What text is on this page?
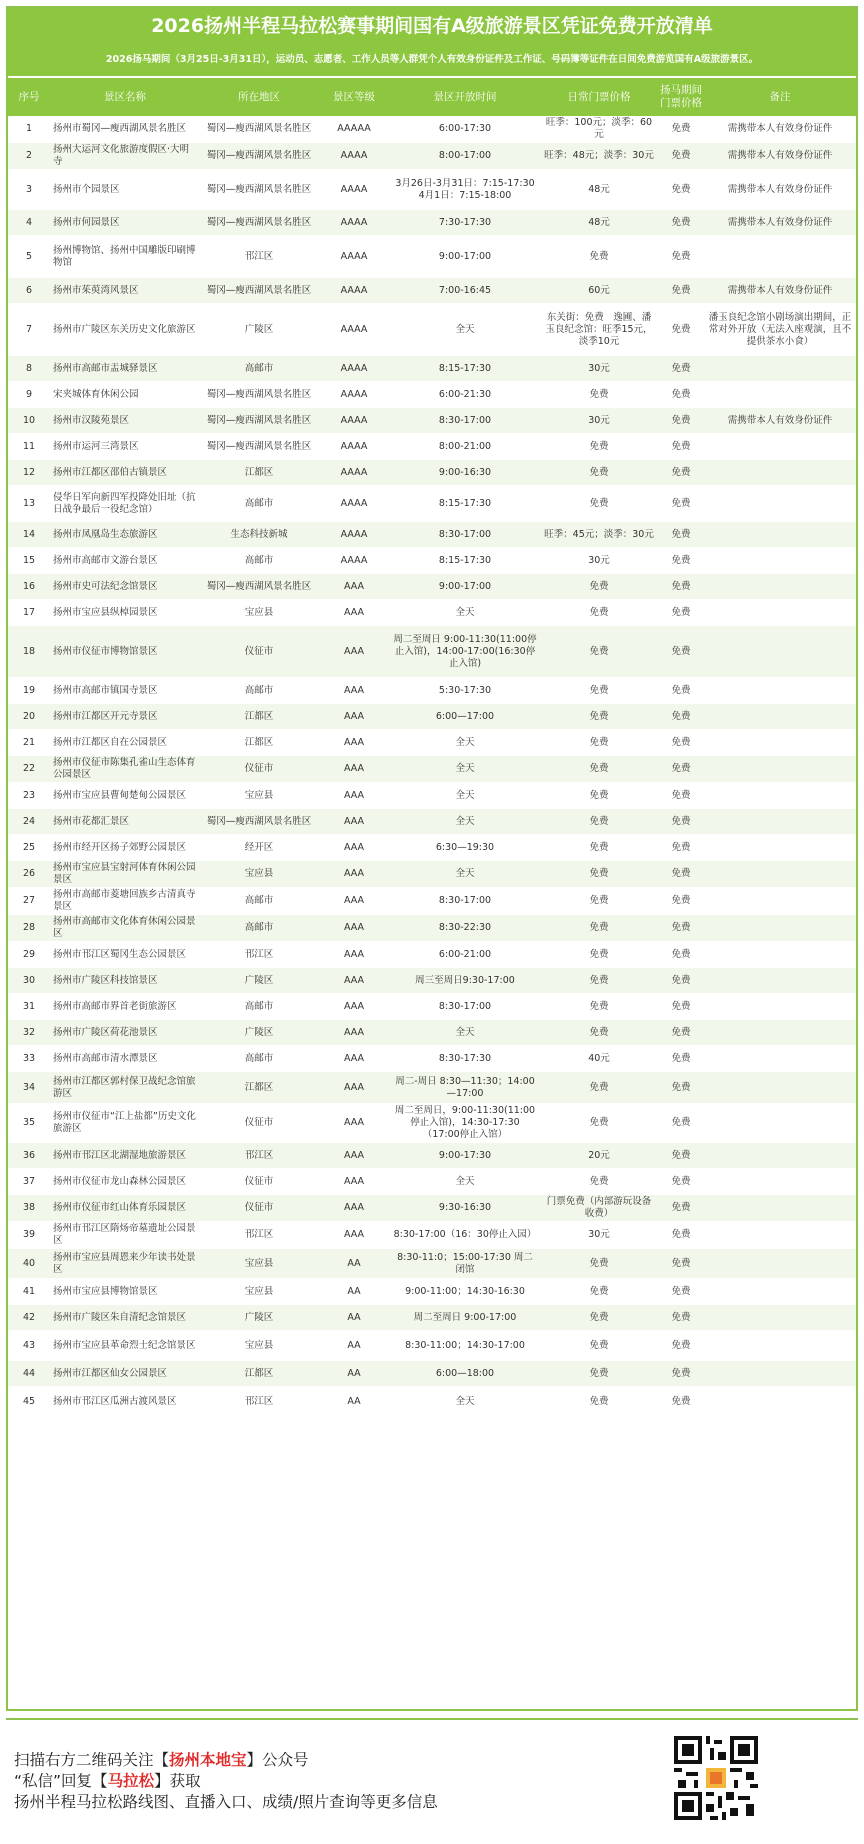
2026扬州半程马拉松赛事期间国有A级旅游景区凭证免费开放清单
2026扬马期间（3月25日-3月31日），运动员、志愿者、工作人员等人群凭个人有效身份证件及工作证、号码簿等证件在日间免费游览国有A级旅游景区。
序号	景区名称	所在地区	景区等级	景区开放时间	日常门票价格	扬马期间门票价格	备注
1	扬州市蜀冈—瘦西湖风景名胜区	蜀冈—瘦西湖风景名胜区	AAAAA	6:00-17:30	旺季：100元；淡季：60元	免费	需携带本人有效身份证件
2	扬州大运河文化旅游度假区·大明寺	蜀冈—瘦西湖风景名胜区	AAAA	8:00-17:00	旺季：48元；淡季：30元	免费	需携带本人有效身份证件
3	扬州市个园景区	蜀冈—瘦西湖风景名胜区	AAAA	3月26日-3月31日：7:15-17:30 4月1日：7:15-18:00	48元	免费	需携带本人有效身份证件
4	扬州市何园景区	蜀冈—瘦西湖风景名胜区	AAAA	7:30-17:30	48元	免费	需携带本人有效身份证件
5	扬州博物馆、扬州中国雕版印刷博物馆	邗江区	AAAA	9:00-17:00	免费	免费	
6	扬州市茱萸湾风景区	蜀冈—瘦西湖风景名胜区	AAAA	7:00-16:45	60元	免费	需携带本人有效身份证件
7	扬州市广陵区东关历史文化旅游区	广陵区	AAAA	全天	东关街：免费　逸圃、潘玉良纪念馆：旺季15元，淡季10元	免费	潘玉良纪念馆小剧场演出期间，正常对外开放（无法入座观演，且不提供茶水小食）
8	扬州市高邮市盂城驿景区	高邮市	AAAA	8:15-17:30	30元	免费	
9	宋夹城体育休闲公园	蜀冈—瘦西湖风景名胜区	AAAA	6:00-21:30	免费	免费	
10	扬州市汉陵苑景区	蜀冈—瘦西湖风景名胜区	AAAA	8:30-17:00	30元	免费	需携带本人有效身份证件
11	扬州市运河三湾景区	蜀冈—瘦西湖风景名胜区	AAAA	8:00-21:00	免费	免费	
12	扬州市江都区邵伯古镇景区	江都区	AAAA	9:00-16:30	免费	免费	
13	侵华日军向新四军投降处旧址（抗日战争最后一役纪念馆）	高邮市	AAAA	8:15-17:30	免费	免费	
14	扬州市凤凰岛生态旅游区	生态科技新城	AAAA	8:30-17:00	旺季：45元；淡季：30元	免费	
15	扬州市高邮市文游台景区	高邮市	AAAA	8:15-17:30	30元	免费	
16	扬州市史可法纪念馆景区	蜀冈—瘦西湖风景名胜区	AAA	9:00-17:00	免费	免费	
17	扬州市宝应县纵棹园景区	宝应县	AAA	全天	免费	免费	
18	扬州市仪征市博物馆景区	仪征市	AAA	周二至周日 9:00-11:30(11:00停止入馆)，14:00-17:00(16:30停止入馆)	免费	免费	
19	扬州市高邮市镇国寺景区	高邮市	AAA	5:30-17:30	免费	免费	
20	扬州市江都区开元寺景区	江都区	AAA	6:00—17:00	免费	免费	
21	扬州市江都区自在公园景区	江都区	AAA	全天	免费	免费	
22	扬州市仪征市陈集孔雀山生态体育公园景区	仪征市	AAA	全天	免费	免费	
23	扬州市宝应县曹甸楚甸公园景区	宝应县	AAA	全天	免费	免费	
24	扬州市花都汇景区	蜀冈—瘦西湖风景名胜区	AAA	全天	免费	免费	
25	扬州市经开区扬子郊野公园景区	经开区	AAA	6:30—19:30	免费	免费	
26	扬州市宝应县宝射河体育休闲公园景区	宝应县	AAA	全天	免费	免费	
27	扬州市高邮市菱塘回族乡古清真寺景区	高邮市	AAA	8:30-17:00	免费	免费	
28	扬州市高邮市文化体育休闲公园景区	高邮市	AAA	8:30-22:30	免费	免费	
29	扬州市邗江区蜀冈生态公园景区	邗江区	AAA	6:00-21:00	免费	免费	
30	扬州市广陵区科技馆景区	广陵区	AAA	周三至周日9:30-17:00	免费	免费	
31	扬州市高邮市界首老街旅游区	高邮市	AAA	8:30-17:00	免费	免费	
32	扬州市广陵区荷花池景区	广陵区	AAA	全天	免费	免费	
33	扬州市高邮市清水潭景区	高邮市	AAA	8:30-17:30	40元	免费	
34	扬州市江都区郭村保卫战纪念馆旅游区	江都区	AAA	周二-周日 8:30—11:30；14:00—17:00	免费	免费	
35	扬州市仪征市“江上盐都”历史文化旅游区	仪征市	AAA	周二至周日，9:00-11:30(11:00停止入馆)，14:30-17:30（17:00停止入馆）	免费	免费	
36	扬州市邗江区北湖湿地旅游景区	邗江区	AAA	9:00-17:30	20元	免费	
37	扬州市仪征市龙山森林公园景区	仪征市	AAA	全天	免费	免费	
38	扬州市仪征市红山体育乐园景区	仪征市	AAA	9:30-16:30	门票免费（内部游玩设备收费）	免费	
39	扬州市邗江区隋炀帝墓遗址公园景区	邗江区	AAA	8:30-17:00（16：30停止入园）	30元	免费	
40	扬州市宝应县周恩来少年读书处景区	宝应县	AA	8:30-11:0；15:00-17:30 周二闭馆	免费	免费	
41	扬州市宝应县博物馆景区	宝应县	AA	9:00-11:00；14:30-16:30	免费	免费	
42	扬州市广陵区朱自清纪念馆景区	广陵区	AA	周二至周日 9:00-17:00	免费	免费	
43	扬州市宝应县革命烈士纪念馆景区	宝应县	AA	8:30-11:00；14:30-17:00	免费	免费	
44	扬州市江都区仙女公园景区	江都区	AA	6:00—18:00	免费	免费	
45	扬州市邗江区瓜洲古渡风景区	邗江区	AA	全天	免费	免费	
扫描右方二维码关注【扬州本地宝】公众号
“私信”回复【马拉松】获取
扬州半程马拉松路线图、直播入口、成绩/照片查询等更多信息
